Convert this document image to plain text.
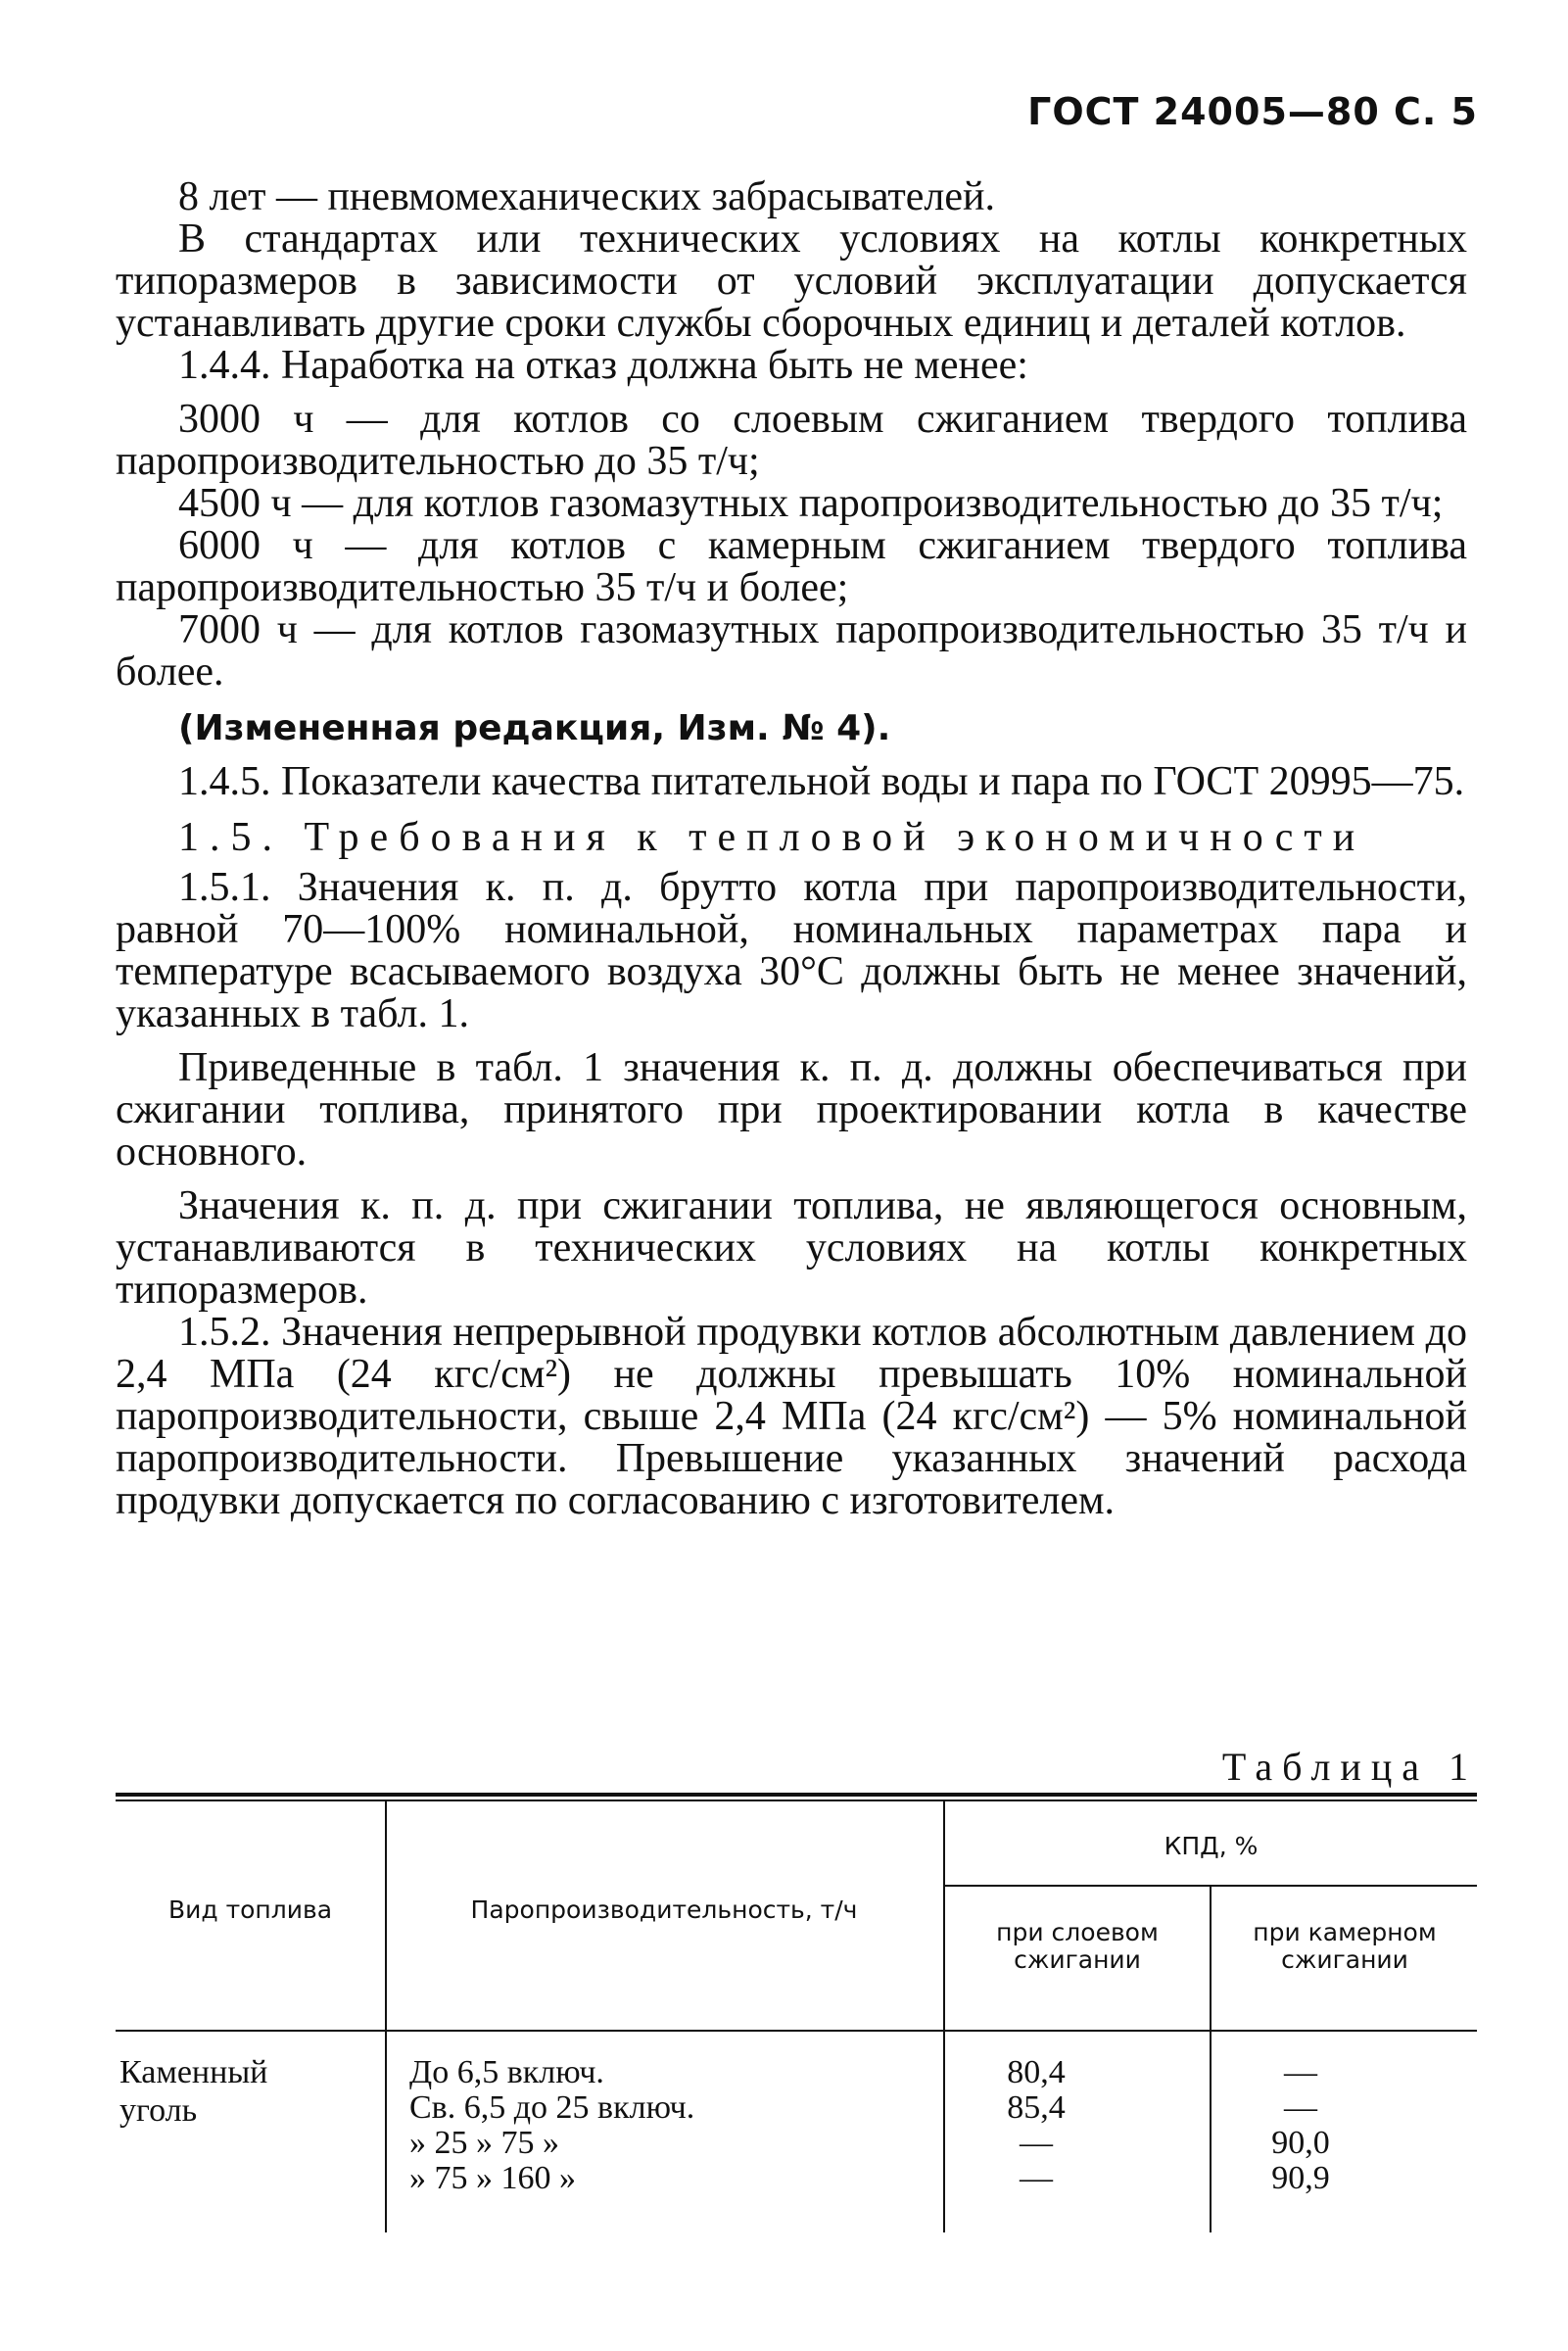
ГОСТ 24005—80 С. 5

8 лет — пневмомеханических забрасывателей.

В стандартах или технических условиях на котлы конкретных типоразмеров в зависимости от условий эксплуатации допускается устанавливать другие сроки службы сборочных единиц и деталей котлов.

1.4.4. Наработка на отказ должна быть не менее:

3000 ч — для котлов со слоевым сжиганием твердого топлива паропроизводительностью до 35 т/ч;

4500 ч — для котлов газомазутных паропроизводительностью до 35 т/ч;

6000 ч — для котлов с камерным сжиганием твердого топлива паропроизводительностью 35 т/ч и более;

7000 ч — для котлов газомазутных паропроизводительностью 35 т/ч и более.

(Измененная редакция, Изм. № 4).

1.4.5. Показатели качества питательной воды и пара по ГОСТ 20995—75.

1.5. Требования к тепловой экономичности

1.5.1. Значения к. п. д. брутто котла при паропроизводительности, равной 70—100% номинальной, номинальных параметрах пара и температуре всасываемого воздуха 30°С должны быть не менее значений, указанных в табл. 1.

Приведенные в табл. 1 значения к. п. д. должны обеспечиваться при сжигании топлива, принятого при проектировании котла в качестве основного.

Значения к. п. д. при сжигании топлива, не являющегося основным, устанавливаются в технических условиях на котлы конкретных типоразмеров.

1.5.2. Значения непрерывной продувки котлов абсолютным давлением до 2,4 МПа (24 кгс/см²) не должны превышать 10% номинальной паропроизводительности, свыше 2,4 МПа (24 кгс/см²) — 5% номинальной паропроизводительности. Превышение указанных значений расхода продувки допускается по согласованию с изготовителем.

Таблица 1
Вид топлива	Паропроизводительность, т/ч
КПД, %
при слоевом сжигании
при камерном сжигании
Каменный уголь
До 6,5 включ.
Св. 6,5 до 25 включ.
» 25 » 75 »
» 75 » 160 »
80,4
85,4
—
—
—
—
90,0
90,9
